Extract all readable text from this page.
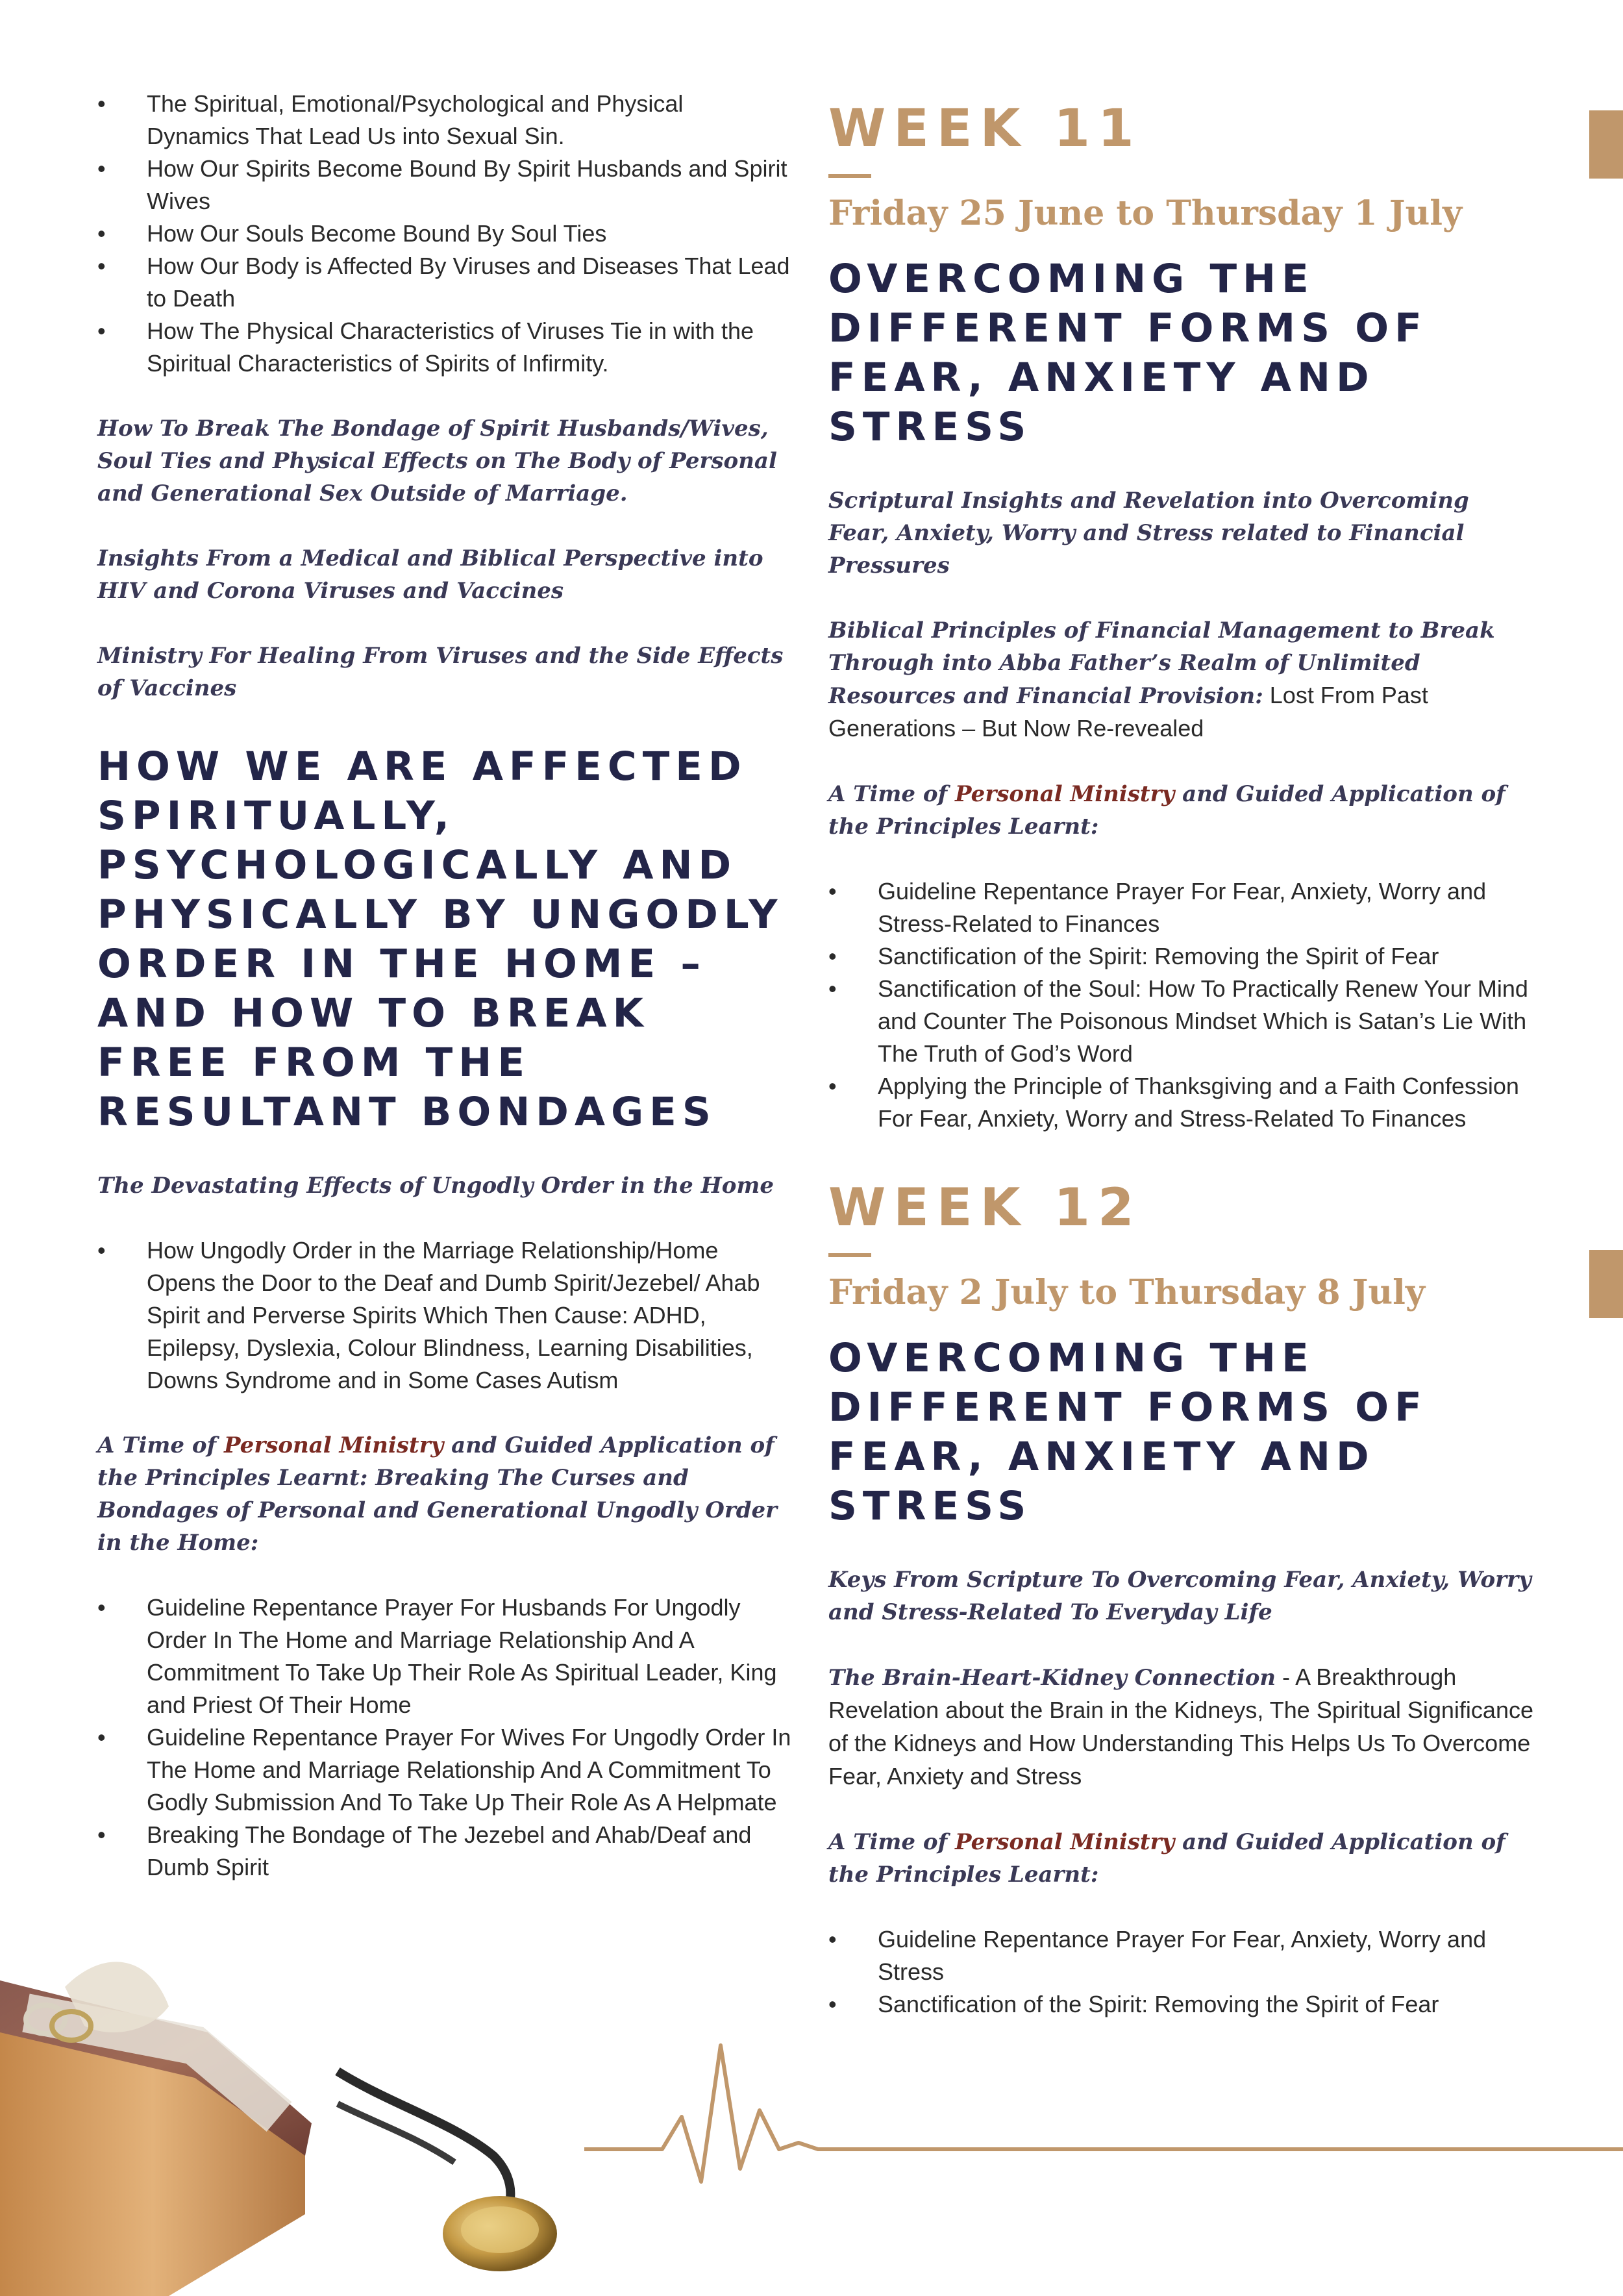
• The Spiritual, Emotional/Psychological and Physical Dynamics That Lead Us into Sexual Sin.
• How Our Spirits Become Bound By Spirit Husbands and Spirit Wives
• How Our Souls Become Bound By Soul Ties
• How Our Body is Affected By Viruses and Diseases That Lead to Death
• How The Physical Characteristics of Viruses Tie in with the Spiritual Characteristics of Spirits of Infirmity.

How To Break The Bondage of Spirit Husbands/Wives, Soul Ties and Physical Effects on The Body of Personal and Generational Sex Outside of Marriage.

Insights From a Medical and Biblical Perspective into HIV and Corona Viruses and Vaccines

Ministry For Healing From Viruses and the Side Effects of Vaccines

HOW WE ARE AFFECTED SPIRITUALLY, PSYCHOLOGICALLY AND PHYSICALLY BY UNGODLY ORDER IN THE HOME – AND HOW TO BREAK FREE FROM THE RESULTANT BONDAGES

The Devastating Effects of Ungodly Order in the Home

• How Ungodly Order in the Marriage Relationship/Home Opens the Door to the Deaf and Dumb Spirit/Jezebel/ Ahab Spirit and Perverse Spirits Which Then Cause: ADHD, Epilepsy, Dyslexia, Colour Blindness, Learning Disabilities, Downs Syndrome and in Some Cases Autism

A Time of Personal Ministry and Guided Application of the Principles Learnt: Breaking The Curses and Bondages of Personal and Generational Ungodly Order in the Home:

• Guideline Repentance Prayer For Husbands For Ungodly Order In The Home and Marriage Relationship And A Commitment To Take Up Their Role As Spiritual Leader, King and Priest Of Their Home
• Guideline Repentance Prayer For Wives For Ungodly Order In The Home and Marriage Relationship And A Commitment To Godly Submission And To Take Up Their Role As A Helpmate
• Breaking The Bondage of The Jezebel and Ahab/Deaf and Dumb Spirit
WEEK 11

Friday 25 June to Thursday 1 July

OVERCOMING THE DIFFERENT FORMS OF FEAR, ANXIETY AND STRESS

Scriptural Insights and Revelation into Overcoming Fear, Anxiety, Worry and Stress related to Financial Pressures

Biblical Principles of Financial Management to Break Through into Abba Father’s Realm of Unlimited Resources and Financial Provision: Lost From Past Generations – But Now Re-revealed

A Time of Personal Ministry and Guided Application of the Principles Learnt:

• Guideline Repentance Prayer For Fear, Anxiety, Worry and Stress-Related to Finances
• Sanctification of the Spirit: Removing the Spirit of Fear
• Sanctification of the Soul: How To Practically Renew Your Mind and Counter The Poisonous Mindset Which is Satan’s Lie With The Truth of God’s Word
• Applying the Principle of Thanksgiving and a Faith Confession For Fear, Anxiety, Worry and Stress-Related To Finances
WEEK 12

Friday 2 July to Thursday 8 July

OVERCOMING THE DIFFERENT FORMS OF FEAR, ANXIETY AND STRESS

Keys From Scripture To Overcoming Fear, Anxiety, Worry and Stress-Related To Everyday Life

The Brain-Heart-Kidney Connection - A Breakthrough Revelation about the Brain in the Kidneys, The Spiritual Significance of the Kidneys and How Understanding This Helps Us To Overcome Fear, Anxiety and Stress

A Time of Personal Ministry and Guided Application of the Principles Learnt:

• Guideline Repentance Prayer For Fear, Anxiety, Worry and Stress
• Sanctification of the Spirit: Removing the Spirit of Fear
